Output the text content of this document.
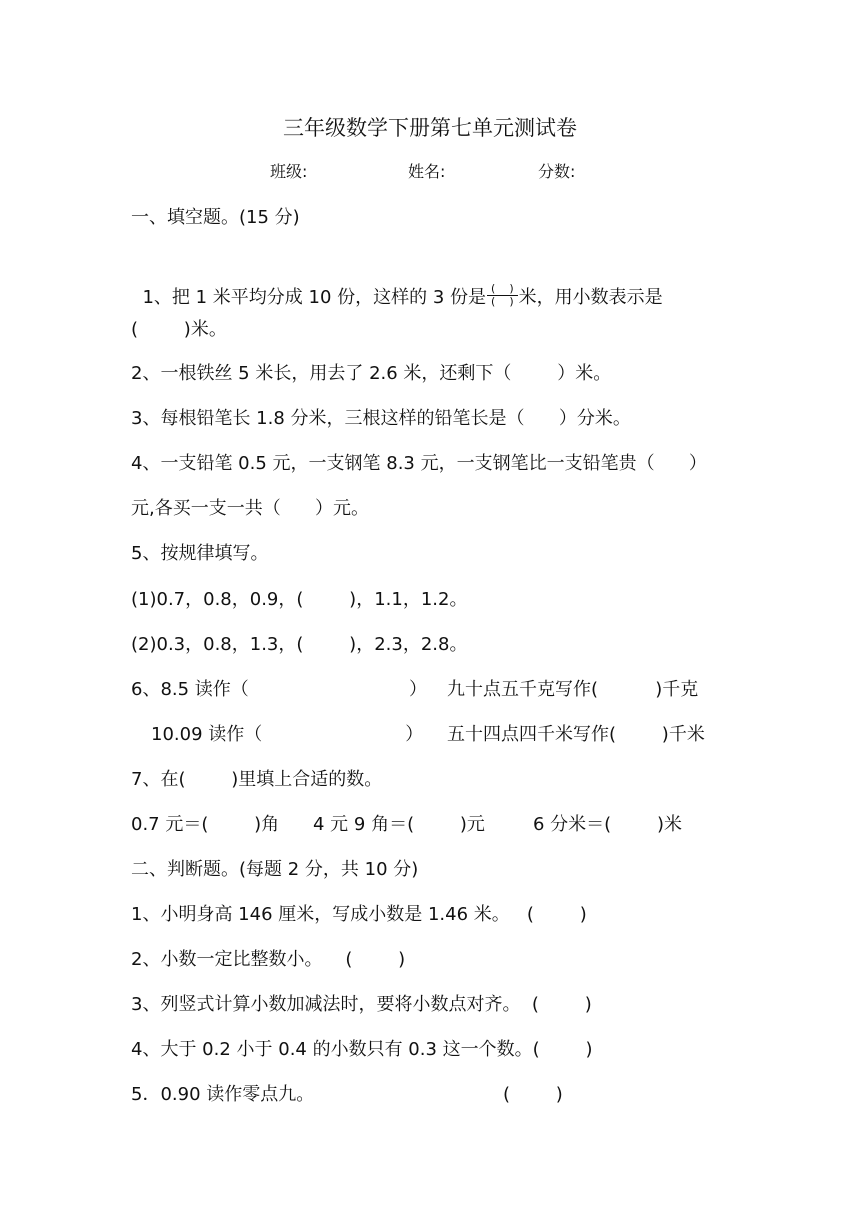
三年级数学下册第七单元测试卷
班级:	姓名:	分数:
一、填空题。(15 分)

1、把 1 米平均分成 10 份，这样的 3 份是 $\frac{( )}{( )}$ 米，用小数表示是

(        )米。
2、一根铁丝 5 米长，用去了 2.6 米，还剩下（        ）米。
3、每根铅笔长 1.8 分米，三根这样的铅笔长是（      ）分米。
4、一支铅笔 0.5 元，一支钢笔 8.3 元，一支钢笔比一支铅笔贵（      ）
元,各买一支一共（      ）元。
5、按规律填写。
(1)0.7，0.8，0.9，(        )，1.1，1.2。
(2)0.3，0.8，1.3，(        )，2.3，2.8。
6、8.5 读作（                            ） 九十点五千克写作(          )千克
10.09 读作（                         ） 五十四点四千米写作(        )千米
7、在(        )里填上合适的数。
0.7 元＝(        )角 4 元 9 角＝(        )元	6 分米＝(        )米
二、判断题。(每题 2 分，共 10 分)
1、小明身高 146 厘米，写成小数是 1.46 米。   (        )
2、小数一定比整数小。    (        )
3、列竖式计算小数加减法时，要将小数点对齐。  (        )
4、大于 0.2 小于 0.4 的小数只有 0.3 这一个数。(        )
5．0.90 读作零点九。	(        )
